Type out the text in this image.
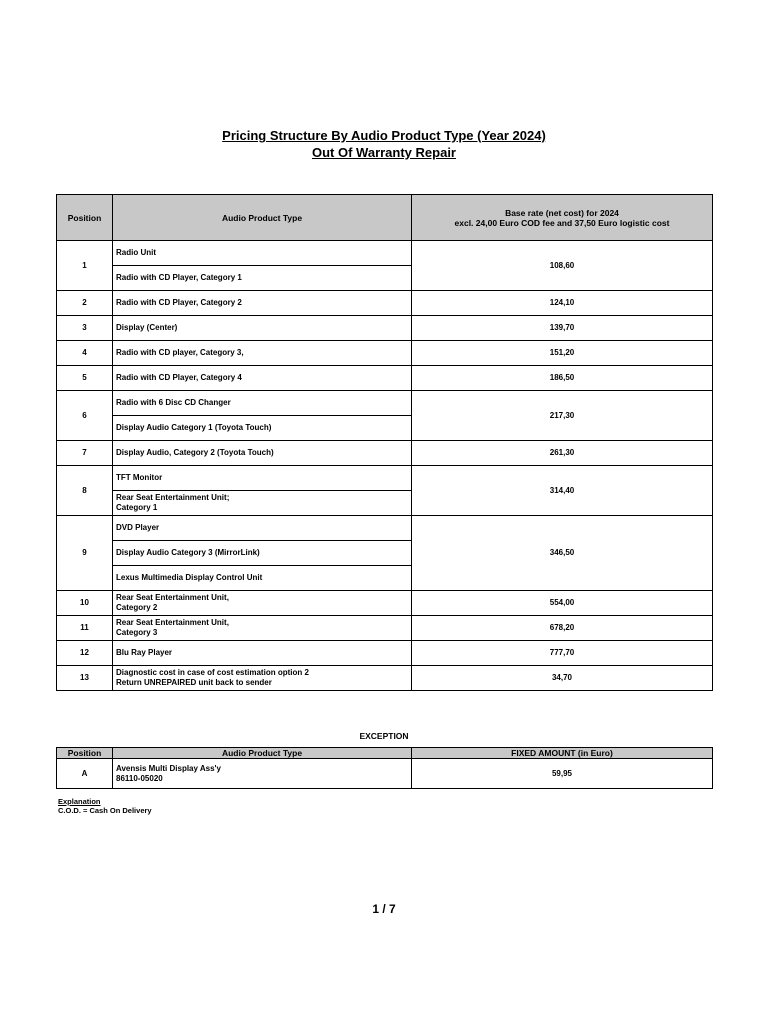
Pricing Structure By Audio Product Type (Year 2024)
Out Of Warranty Repair
Position	Audio Product Type	Base rate (net cost) for 2024
excl. 24,00 Euro COD fee and 37,50 Euro logistic cost

1	Radio Unit	108,60
	Radio with CD Player, Category 1	
2	Radio with CD Player, Category 2	124,10
3	Display (Center)	139,70
4	Radio with CD player, Category 3,	151,20
5	Radio with CD Player, Category 4	186,50
6	Radio with 6 Disc CD Changer	217,30
	Display Audio Category 1 (Toyota Touch)	
7	Display Audio, Category 2 (Toyota Touch)	261,30
8	TFT Monitor	314,40
	Rear Seat Entertainment Unit;
Category 1	
9	DVD Player	346,50
	Display Audio Category 3 (MirrorLink)	
	Lexus Multimedia Display Control Unit	
10	Rear Seat Entertainment Unit,
Category 2	554,00
11	Rear Seat Entertainment Unit,
Category 3	678,20
12	Blu Ray Player	777,70
13	Diagnostic cost in case of cost estimation option 2
Return UNREPAIRED unit back to sender	34,70
EXCEPTION
Position	Audio Product Type	FIXED AMOUNT (in Euro)
A	Avensis Multi Display Ass'y
86110-05020	59,95
Explanation
C.O.D. = Cash On Delivery
1 / 7
